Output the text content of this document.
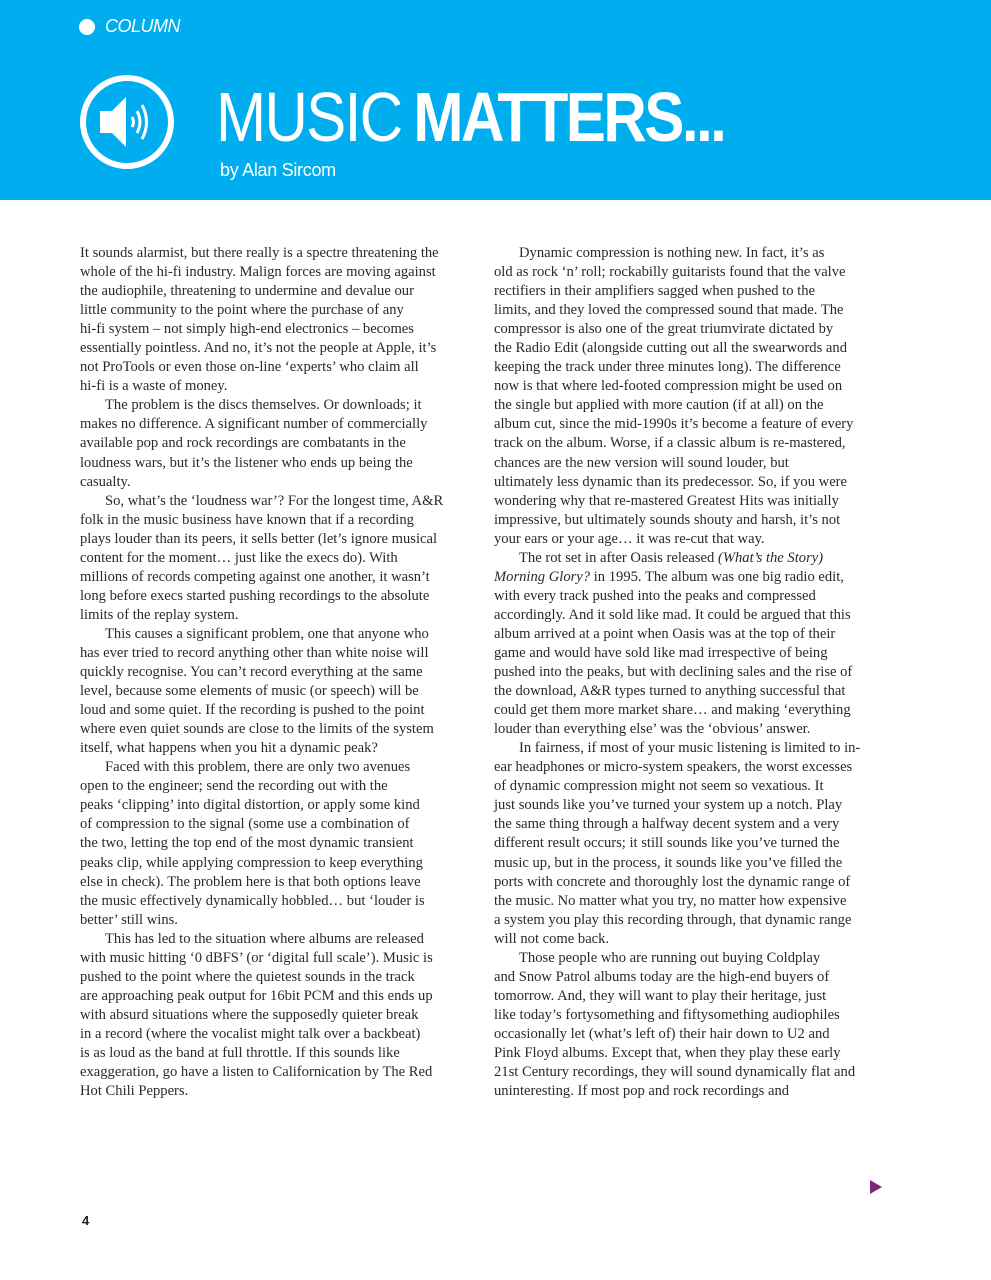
COLUMN
MUSIC MATTERS...
by Alan Sircom
It sounds alarmist, but there really is a spectre threatening the
whole of the hi-fi industry. Malign forces are moving against
the audiophile, threatening to undermine and devalue our
little community to the point where the purchase of any
hi-fi system – not simply high-end electronics – becomes
essentially pointless. And no, it’s not the people at Apple, it’s
not ProTools or even those on-line ‘experts’ who claim all
hi-fi is a waste of money.
The problem is the discs themselves. Or downloads; it
makes no difference. A significant number of commercially
available pop and rock recordings are combatants in the
loudness wars, but it’s the listener who ends up being the
casualty.
So, what’s the ‘loudness war’? For the longest time, A&R
folk in the music business have known that if a recording
plays louder than its peers, it sells better (let’s ignore musical
content for the moment… just like the execs do). With
millions of records competing against one another, it wasn’t
long before execs started pushing recordings to the absolute
limits of the replay system.
This causes a significant problem, one that anyone who
has ever tried to record anything other than white noise will
quickly recognise. You can’t record everything at the same
level, because some elements of music (or speech) will be
loud and some quiet. If the recording is pushed to the point
where even quiet sounds are close to the limits of the system
itself, what happens when you hit a dynamic peak?
Faced with this problem, there are only two avenues
open to the engineer; send the recording out with the
peaks ‘clipping’ into digital distortion, or apply some kind
of compression to the signal (some use a combination of
the two, letting the top end of the most dynamic transient
peaks clip, while applying compression to keep everything
else in check). The problem here is that both options leave
the music effectively dynamically hobbled… but ‘louder is
better’ still wins.
This has led to the situation where albums are released
with music hitting ‘0 dBFS’ (or ‘digital full scale’). Music is
pushed to the point where the quietest sounds in the track
are approaching peak output for 16bit PCM and this ends up
with absurd situations where the supposedly quieter break
in a record (where the vocalist might talk over a backbeat)
is as loud as the band at full throttle. If this sounds like
exaggeration, go have a listen to Californication by The Red
Hot Chili Peppers.
Dynamic compression is nothing new. In fact, it’s as
old as rock ‘n’ roll; rockabilly guitarists found that the valve
rectifiers in their amplifiers sagged when pushed to the
limits, and they loved the compressed sound that made. The
compressor is also one of the great triumvirate dictated by
the Radio Edit (alongside cutting out all the swearwords and
keeping the track under three minutes long). The difference
now is that where led-footed compression might be used on
the single but applied with more caution (if at all) on the
album cut, since the mid-1990s it’s become a feature of every
track on the album. Worse, if a classic album is re-mastered,
chances are the new version will sound louder, but
ultimately less dynamic than its predecessor. So, if you were
wondering why that re-mastered Greatest Hits was initially
impressive, but ultimately sounds shouty and harsh, it’s not
your ears or your age… it was re-cut that way.
The rot set in after Oasis released (What’s the Story)
Morning Glory? in 1995. The album was one big radio edit,
with every track pushed into the peaks and compressed
accordingly. And it sold like mad. It could be argued that this
album arrived at a point when Oasis was at the top of their
game and would have sold like mad irrespective of being
pushed into the peaks, but with declining sales and the rise of
the download, A&R types turned to anything successful that
could get them more market share… and making ‘everything
louder than everything else’ was the ‘obvious’ answer.
In fairness, if most of your music listening is limited to in-
ear headphones or micro-system speakers, the worst excesses
of dynamic compression might not seem so vexatious. It
just sounds like you’ve turned your system up a notch. Play
the same thing through a halfway decent system and a very
different result occurs; it still sounds like you’ve turned the
music up, but in the process, it sounds like you’ve filled the
ports with concrete and thoroughly lost the dynamic range of
the music. No matter what you try, no matter how expensive
a system you play this recording through, that dynamic range
will not come back.
Those people who are running out buying Coldplay
and Snow Patrol albums today are the high-end buyers of
tomorrow. And, they will want to play their heritage, just
like today’s fortysomething and fiftysomething audiophiles
occasionally let (what’s left of) their hair down to U2 and
Pink Floyd albums. Except that, when they play these early
21st Century recordings, they will sound dynamically flat and
uninteresting. If most pop and rock recordings and
4
